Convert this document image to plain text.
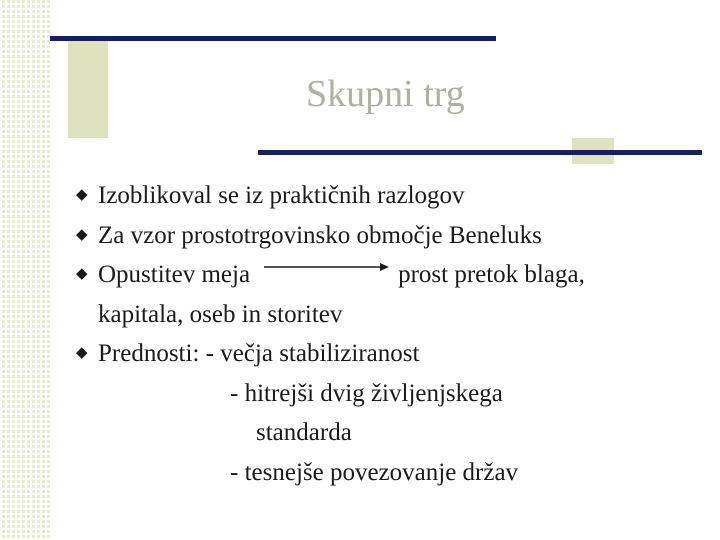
Skupni trg
◆ Izoblikoval se iz praktičnih razlogov
◆ Za vzor prostotrgovinsko območje Beneluks
◆ Opustitev meja	prost pretok blaga,
kapitala, oseb in storitev
◆ Prednosti: - večja stabiliziranost
- hitrejši dvig življenjskega
standarda
- tesnejše povezovanje držav
